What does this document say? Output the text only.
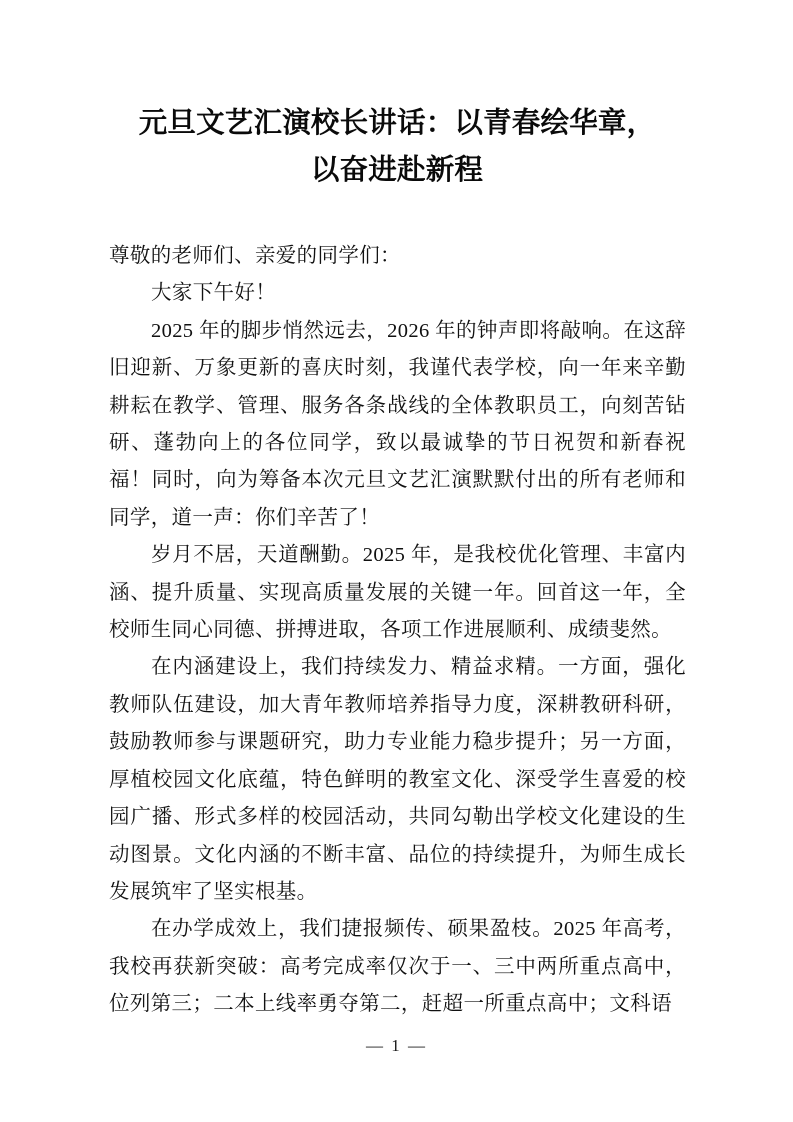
元旦文艺汇演校长讲话：以青春绘华章，
以奋进赴新程

尊敬的老师们、亲爱的同学们：

大家下午好！

2025 年的脚步悄然远去，2026 年的钟声即将敲响。在这辞旧迎新、万象更新的喜庆时刻，我谨代表学校，向一年来辛勤耕耘在教学、管理、服务各条战线的全体教职员工，向刻苦钻研、蓬勃向上的各位同学，致以最诚挚的节日祝贺和新春祝福！同时，向为筹备本次元旦文艺汇演默默付出的所有老师和同学，道一声：你们辛苦了！

岁月不居，天道酬勤。2025 年，是我校优化管理、丰富内涵、提升质量、实现高质量发展的关键一年。回首这一年，全校师生同心同德、拼搏进取，各项工作进展顺利、成绩斐然。

在内涵建设上，我们持续发力、精益求精。一方面，强化教师队伍建设，加大青年教师培养指导力度，深耕教研科研，鼓励教师参与课题研究，助力专业能力稳步提升；另一方面，厚植校园文化底蕴，特色鲜明的教室文化、深受学生喜爱的校园广播、形式多样的校园活动，共同勾勒出学校文化建设的生动图景。文化内涵的不断丰富、品位的持续提升，为师生成长发展筑牢了坚实根基。

在办学成效上，我们捷报频传、硕果盈枝。2025 年高考，我校再获新突破：高考完成率仅次于一、三中两所重点高中，位列第三；二本上线率勇夺第二，赶超一所重点高中；文科语

— 1 —
